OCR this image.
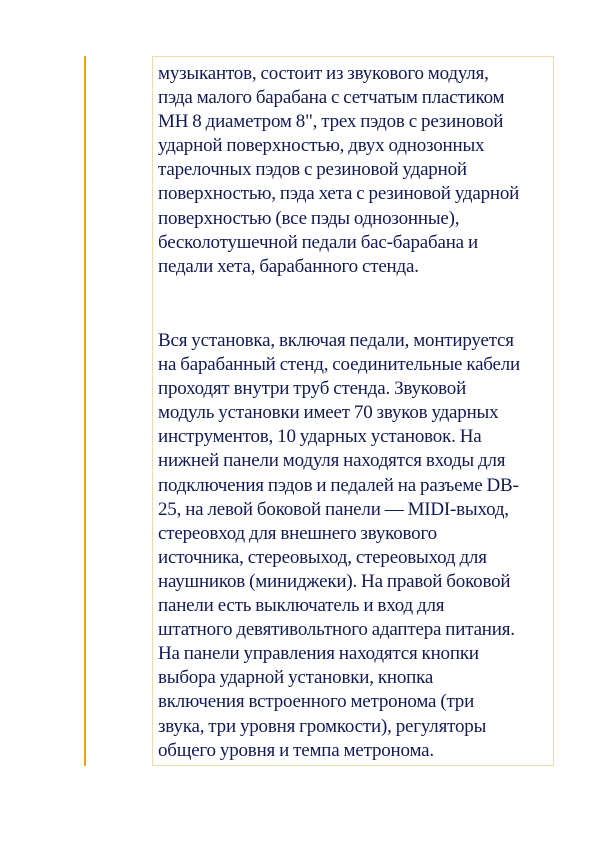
музыкантов, состоит из звукового модуля,
пэда малого барабана с сетчатым пластиком
MH 8 диаметром 8", трех пэдов с резиновой
ударной поверхностью, двух однозонных
тарелочных пэдов с резиновой ударной
поверхностью, пэда хета с резиновой ударной
поверхностью (все пэды однозонные),
бесколотушечной педали бас-барабана и
педали хета, барабанного стенда.

Вся установка, включая педали, монтируется
на барабанный стенд, соединительные кабели
проходят внутри труб стенда. Звуковой
модуль установки имеет 70 звуков ударных
инструментов, 10 ударных установок. На
нижней панели модуля находятся входы для
подключения пэдов и педалей на разъеме DB-
25, на левой боковой панели — MIDI-выход,
стереовход для внешнего звукового
источника, стереовыход, стереовыход для
наушников (миниджеки). На правой боковой
панели есть выключатель и вход для
штатного девятивольтного адаптера питания.
На панели управления находятся кнопки
выбора ударной установки, кнопка
включения встроенного метронома (три
звука, три уровня громкости), регуляторы
общего уровня и темпа метронома.
